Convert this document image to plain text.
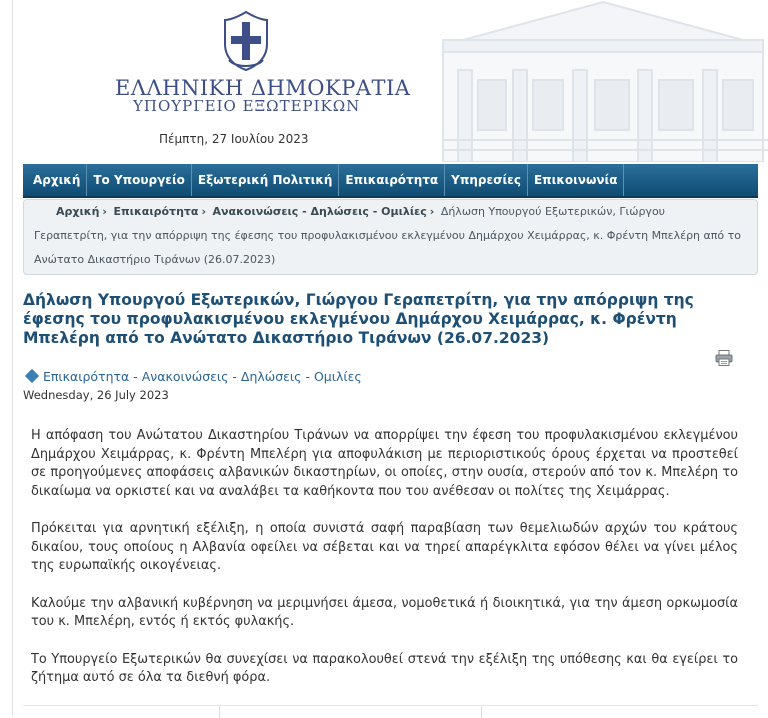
ΕΛΛΗΝΙΚΗ ΔΗΜΟΚΡΑΤΙΑ
ΥΠΟΥΡΓΕΙΟ ΕΞΩΤΕΡΙΚΩΝ
Πέμπτη, 27 Ιουλίου 2023
Αρχική	Το Υπουργείο	Εξωτερική Πολιτική	Επικαιρότητα	Υπηρεσίες	Επικοινωνία
Αρχική › Επικαιρότητα › Ανακοινώσεις - Δηλώσεις - Ομιλίες › Δήλωση Υπουργού Εξωτερικών, Γιώργου
Γεραπετρίτη, για την απόρριψη της έφεσης του προφυλακισμένου εκλεγμένου Δημάρχου Χειμάρρας, κ. Φρέντη Μπελέρη από το
Ανώτατο Δικαστήριο Τιράνων (26.07.2023)
Δήλωση Υπουργού Εξωτερικών, Γιώργου Γεραπετρίτη, για την απόρριψη της έφεσης του προφυλακισμένου εκλεγμένου Δημάρχου Χειμάρρας, κ. Φρέντη Μπελέρη από το Ανώτατο Δικαστήριο Τιράνων (26.07.2023)
Επικαιρότητα - Ανακοινώσεις - Δηλώσεις - Ομιλίες
Wednesday, 26 July 2023

Η απόφαση του Ανώτατου Δικαστηρίου Τιράνων να απορρίψει την έφεση του προφυλακισμένου εκλεγμένου Δημάρχου Χειμάρρας, κ. Φρέντη Μπελέρη για αποφυλάκιση με περιοριστικούς όρους έρχεται να προστεθεί σε προηγούμενες αποφάσεις αλβανικών δικαστηρίων, οι οποίες, στην ουσία, στερούν από τον κ. Μπελέρη το δικαίωμα να ορκιστεί και να αναλάβει τα καθήκοντα που του ανέθεσαν οι πολίτες της Χειμάρρας.

Πρόκειται για αρνητική εξέλιξη, η οποία συνιστά σαφή παραβίαση των θεμελιωδών αρχών του κράτους δικαίου, τους οποίους η Αλβανία οφείλει να σέβεται και να τηρεί απαρέγκλιτα εφόσον θέλει να γίνει μέλος της ευρωπαϊκής οικογένειας.

Καλούμε την αλβανική κυβέρνηση να μεριμνήσει άμεσα, νομοθετικά ή διοικητικά, για την άμεση ορκωμοσία του κ. Μπελέρη, εντός ή εκτός φυλακής.

Το Υπουργείο Εξωτερικών θα συνεχίσει να παρακολουθεί στενά την εξέλιξη της υπόθεσης και θα εγείρει το ζήτημα αυτό σε όλα τα διεθνή φόρα.
